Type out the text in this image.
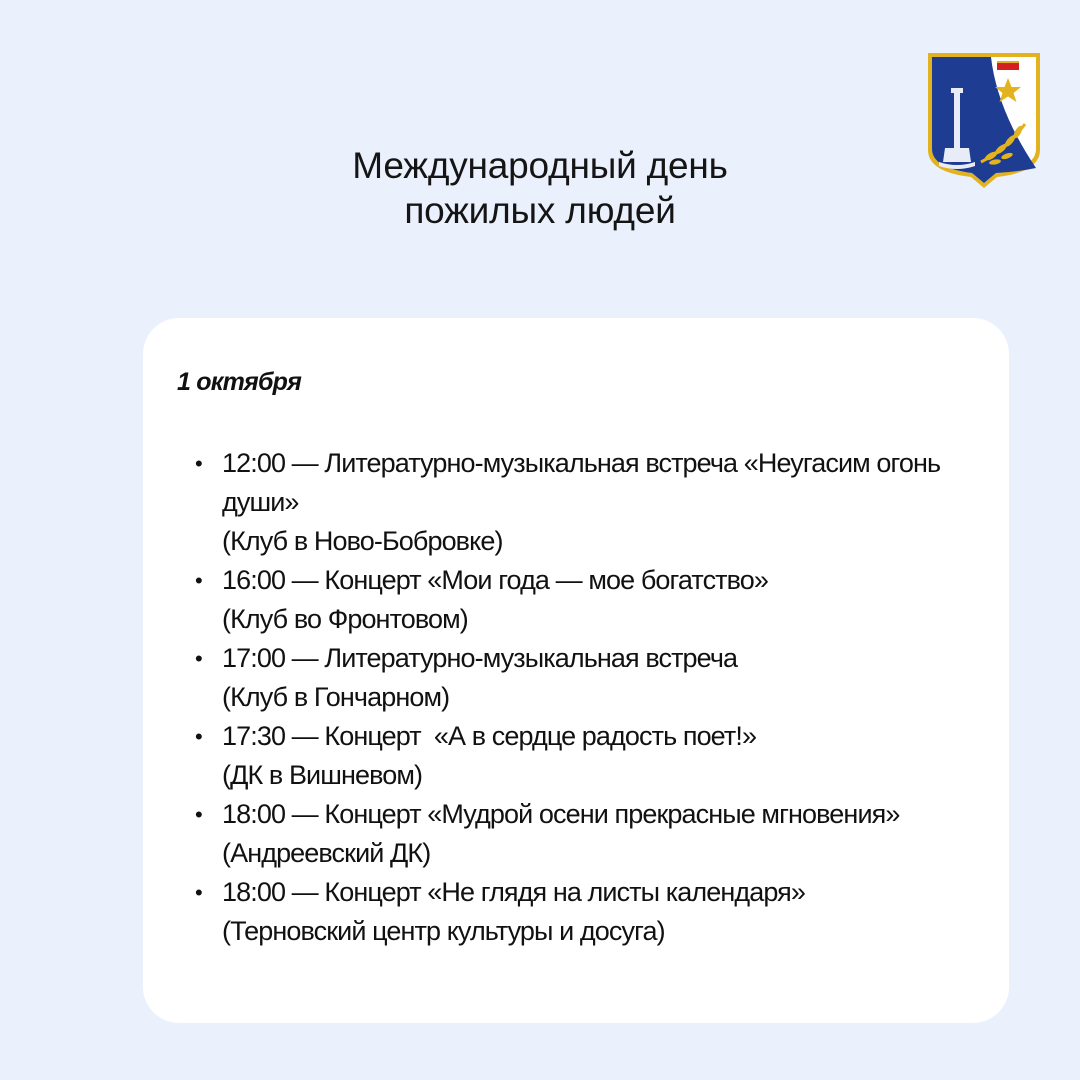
Международный день
пожилых людей
1 октября
• 12:00 — Литературно-музыкальная встреча «Неугасим огонь души»
(Клуб в Ново-Бобровке)
• 16:00 — Концерт «Мои года — мое богатство»
(Клуб во Фронтовом)
• 17:00 — Литературно-музыкальная встреча
(Клуб в Гончарном)
• 17:30 — Концерт  «А в сердце радость поет!»
(ДК в Вишневом)
• 18:00 — Концерт «Мудрой осени прекрасные мгновения»
(Андреевский ДК)
• 18:00 — Концерт «Не глядя на листы календаря»
(Терновский центр культуры и досуга)
